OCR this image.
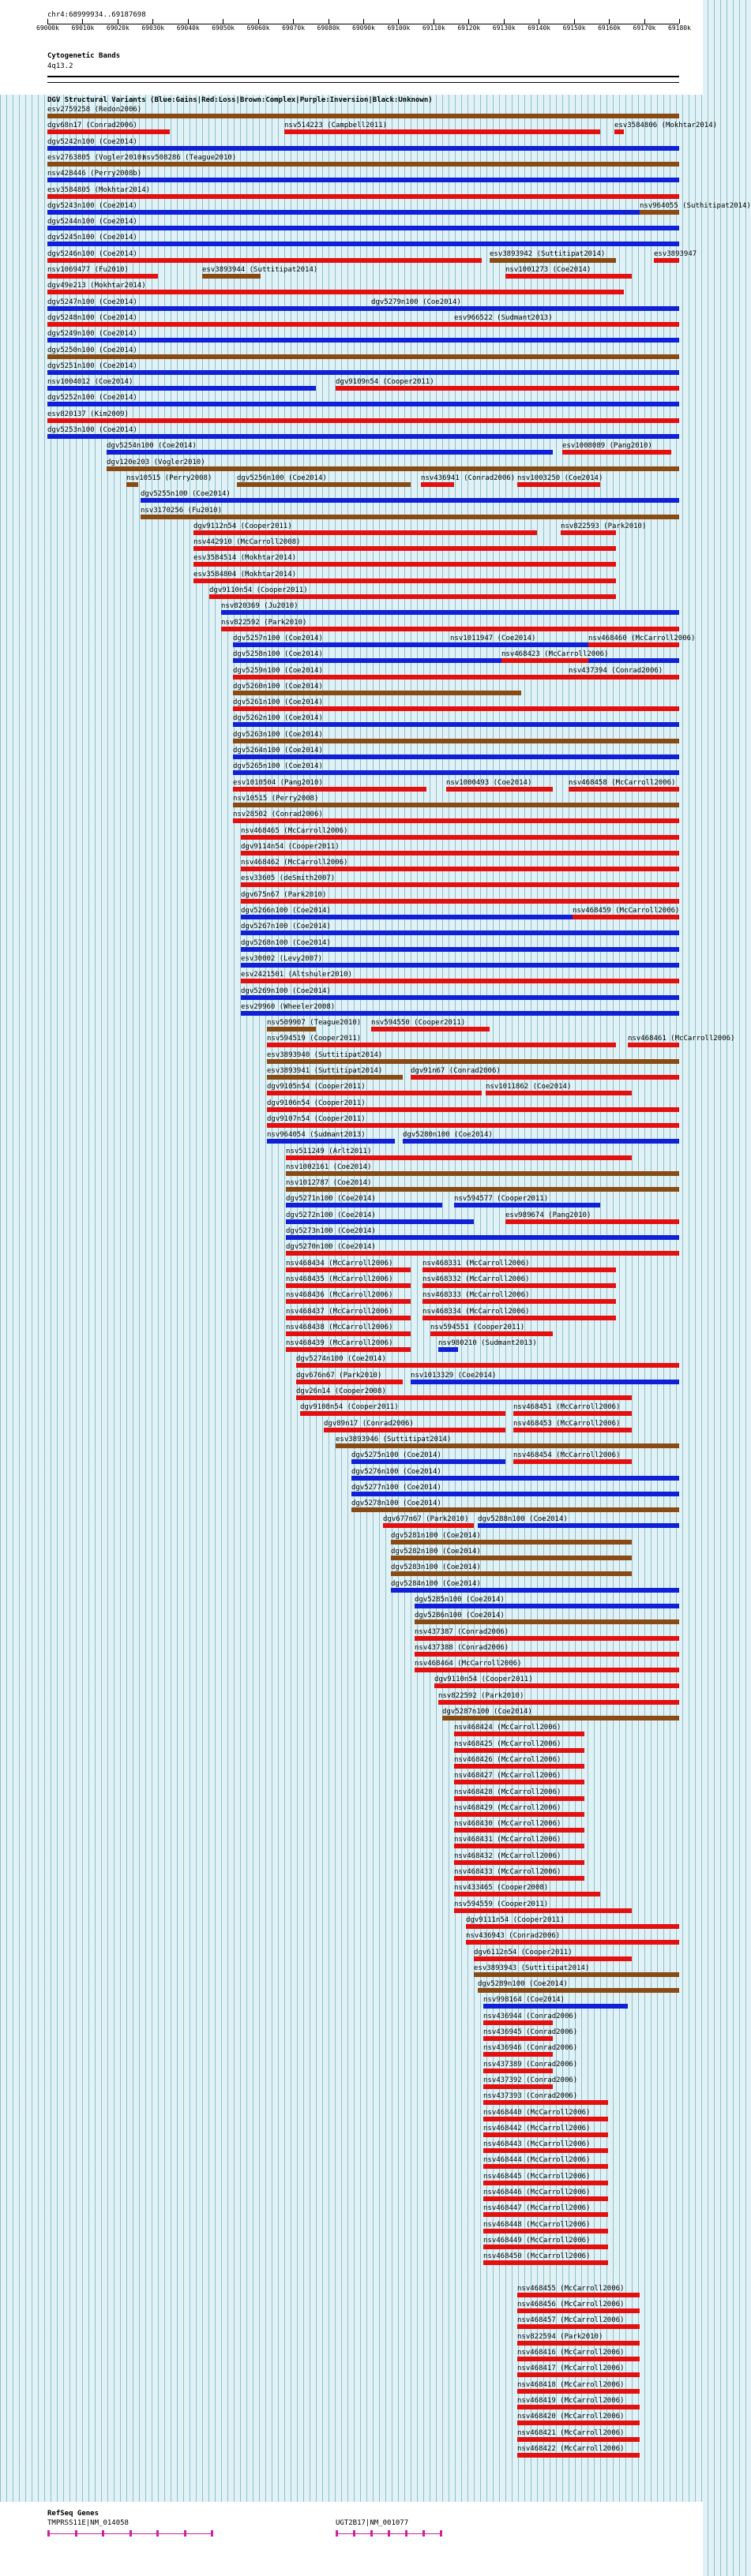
chr4:68999934..69187698
69000k 69010k 69020k 69030k 69040k 69050k 69060k 69070k 69080k 69090k 69100k 69110k 69120k 69130k 69140k 69150k 69160k 69170k 69180k
Cytogenetic Bands
4q13.2
DGV Structural Variants (Blue:Gains|Red:Loss|Brown:Complex|Purple:Inversion|Black:Unknown)
esv2759258 (Redon2006)
dgv68n17 (Conrad2006)	nsv514223 (Campbell2011)	esv3584806 (Mokhtar2014)
dgv5242n100 (Coe2014)
esv2763805 (Vogler2010)
nsv508286 (Teague2010)
nsv428446 (Perry2008b)
esv3584805 (Mokhtar2014)
dgv5243n100 (Coe2014)	nsv964055 (Suthitipat2014)
dgv5244n100 (Coe2014)
dgv5245n100 (Coe2014)
dgv5246n100 (Coe2014)	esv3893942 (Suttitipat2014)	esv3893947
nsv1069477 (Fu2010)	esv3893944 (Suttitipat2014)	nsv1001273 (Coe2014)
dgv49e213 (Mokhtar2014)
dgv5247n100 (Coe2014)	dgv5279n100 (Coe2014)
dgv5248n100 (Coe2014)	esv966522 (Sudmant2013)
dgv5249n100 (Coe2014)
dgv5250n100 (Coe2014)
dgv5251n100 (Coe2014)
nsv1004012 (Coe2014)	dgv9109n54 (Cooper2011)
dgv5252n100 (Coe2014)
esv820137 (Kim2009)
dgv5253n100 (Coe2014)
dgv5254n100 (Coe2014)	esv1008089 (Pang2010)
dgv120e203 (Vogler2010)
nsv10515 (Perry2008)	dgv5256n100 (Coe2014)	nsv436941 (Conrad2006) nsv1003250 (Coe2014)
dgv5255n100 (Coe2014)
nsv3170256 (Fu2010)
dgv9112n54 (Cooper2011)	nsv822593 (Park2010)
nsv442910 (McCarroll2008)
esv3584514 (Mokhtar2014)
esv3584804 (Mokhtar2014)
dgv9110n54 (Cooper2011)
nsv820369 (Ju2010)
nsv822592 (Park2010)
dgv5257n100 (Coe2014)	nsv1011947 (Coe2014)	nsv468460 (McCarroll2006)
dgv5258n100 (Coe2014)	nsv468423 (McCarroll2006)
dgv5259n100 (Coe2014)	nsv437394 (Conrad2006)
dgv5260n100 (Coe2014)
dgv5261n100 (Coe2014)
dgv5262n100 (Coe2014)
dgv5263n100 (Coe2014)
dgv5264n100 (Coe2014)
dgv5265n100 (Coe2014)
esv1010504 (Pang2010)	nsv1000493 (Coe2014)	nsv468458 (McCarroll2006)
nsv10515 (Perry2008)
nsv28502 (Conrad2006)
nsv468465 (McCarroll2006)
dgv9114n54 (Cooper2011)
nsv468462 (McCarroll2006)
esv33605 (deSmith2007)
dgv675n67 (Park2010)
dgv5266n100 (Coe2014)	nsv468459 (McCarroll2006)
dgv5267n100 (Coe2014)
dgv5268n100 (Coe2014)
esv30002 (Levy2007)
esv2421501 (Altshuler2010)
dgv5269n100 (Coe2014)
esv29960 (Wheeler2008)
nsv509907 (Teague2010) nsv594550 (Cooper2011)
nsv594519 (Cooper2011)	nsv468461 (McCarroll2006)
esv3893940 (Suttitipat2014)
esv3893941 (Suttitipat2014)	dgv91n67 (Conrad2006)
dgv9105n54 (Cooper2011)	nsv1011862 (Coe2014)
dgv9106n54 (Cooper2011)
dgv9107n54 (Cooper2011)
nsv964054 (Sudmant2013)	dgv5280n100 (Coe2014)
nsv511249 (Arlt2011)
nsv1002161 (Coe2014)
nsv1012787 (Coe2014)
dgv5271n100 (Coe2014)	nsv594577 (Cooper2011)
dgv5272n100 (Coe2014)	esv989674 (Pang2010)
dgv5273n100 (Coe2014)
dgv5270n100 (Coe2014)
nsv468434 (McCarroll2006)	nsv468331 (McCarroll2006)
nsv468435 (McCarroll2006)	nsv468332 (McCarroll2006)
nsv468436 (McCarroll2006)	nsv468333 (McCarroll2006)
nsv468437 (McCarroll2006)	nsv468334 (McCarroll2006)
nsv468438 (McCarroll2006)	nsv594551 (Cooper2011)
nsv468439 (McCarroll2006)	nsv980210 (Sudmant2013)
dgv5274n100 (Coe2014)
dgv676n67 (Park2010)	nsv1013329 (Coe2014)
dgv26n14 (Cooper2008)
dgv9108n54 (Cooper2011)	nsv468451 (McCarroll2006)
dgv89n17 (Conrad2006)	nsv468453 (McCarroll2006)
esv3893946 (Suttitipat2014)
dgv5275n100 (Coe2014)	nsv468454 (McCarroll2006)
dgv5276n100 (Coe2014)
dgv5277n100 (Coe2014)
dgv5278n100 (Coe2014)
dgv677n67 (Park2010) dgv5288n100 (Coe2014)
dgv5281n100 (Coe2014)
dgv5282n100 (Coe2014)
dgv5283n100 (Coe2014)
dgv5284n100 (Coe2014)
dgv5285n100 (Coe2014)
dgv5286n100 (Coe2014)
nsv437387 (Conrad2006)
nsv437388 (Conrad2006)
nsv468464 (McCarroll2006)
dgv9110n54 (Cooper2011)
nsv822592 (Park2010)
dgv5287n100 (Coe2014)
nsv468424 (McCarroll2006)
nsv468425 (McCarroll2006)
nsv468426 (McCarroll2006)
nsv468427 (McCarroll2006)
nsv468428 (McCarroll2006)
nsv468429 (McCarroll2006)
nsv468430 (McCarroll2006)
nsv468431 (McCarroll2006)
nsv468432 (McCarroll2006)
nsv468433 (McCarroll2006)
nsv433465 (Cooper2008)
nsv594559 (Cooper2011)
dgv9111n54 (Cooper2011)
nsv436943 (Conrad2006)
dgv6112n54 (Cooper2011)
esv3893943 (Suttitipat2014)
dgv5289n100 (Coe2014)
nsv998164 (Coe2014)
nsv436944 (Conrad2006)
nsv436945 (Conrad2006)
nsv436946 (Conrad2006)
nsv437389 (Conrad2006)
nsv437392 (Conrad2006)
nsv437393 (Conrad2006)
nsv468440 (McCarroll2006)
nsv468442 (McCarroll2006)
nsv468443 (McCarroll2006)
nsv468444 (McCarroll2006)
nsv468445 (McCarroll2006)
nsv468446 (McCarroll2006)
nsv468447 (McCarroll2006)
nsv468448 (McCarroll2006)
nsv468449 (McCarroll2006)
nsv468450 (McCarroll2006)
nsv468455 (McCarroll2006)
nsv468456 (McCarroll2006)
nsv468457 (McCarroll2006)
nsv822594 (Park2010)
nsv468416 (McCarroll2006)
nsv468417 (McCarroll2006)
nsv468418 (McCarroll2006)
nsv468419 (McCarroll2006)
nsv468420 (McCarroll2006)
nsv468421 (McCarroll2006)
nsv468422 (McCarroll2006)
RefSeq Genes
TMPRSS11E|NM_014058	UGT2B17|NM_001077
